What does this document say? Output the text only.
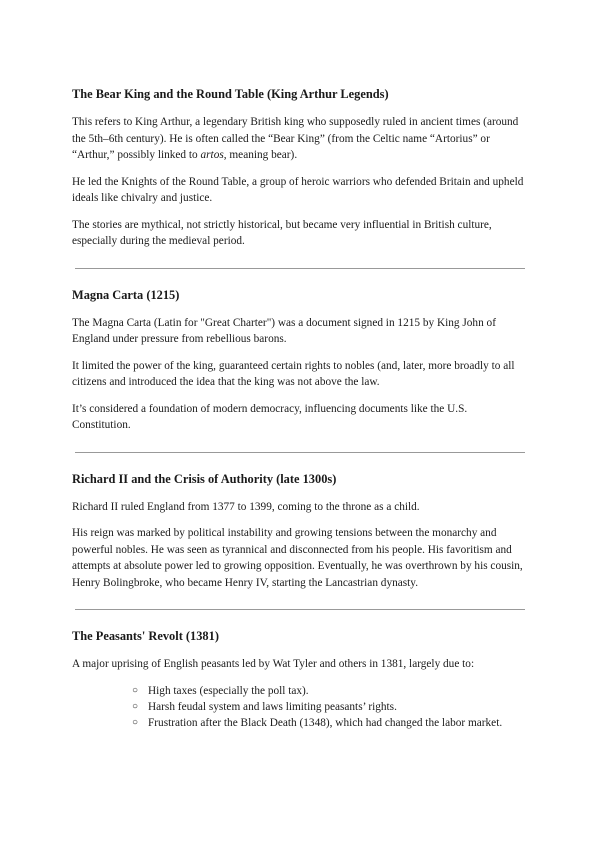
The Bear King and the Round Table (King Arthur Legends)

This refers to King Arthur, a legendary British king who supposedly ruled in ancient times (around the 5th–6th century). He is often called the “Bear King” (from the Celtic name “Artorius” or “Arthur,” possibly linked to artos, meaning bear).

He led the Knights of the Round Table, a group of heroic warriors who defended Britain and upheld ideals like chivalry and justice.

The stories are mythical, not strictly historical, but became very influential in British culture, especially during the medieval period.

Magna Carta (1215)

The Magna Carta (Latin for "Great Charter") was a document signed in 1215 by King John of England under pressure from rebellious barons.

It limited the power of the king, guaranteed certain rights to nobles (and, later, more broadly to all citizens and introduced the idea that the king was not above the law.

It’s considered a foundation of modern democracy, influencing documents like the U.S. Constitution.

Richard II and the Crisis of Authority (late 1300s)

Richard II ruled England from 1377 to 1399, coming to the throne as a child.

His reign was marked by political instability and growing tensions between the monarchy and powerful nobles. He was seen as tyrannical and disconnected from his people. His favoritism and attempts at absolute power led to growing opposition. Eventually, he was overthrown by his cousin, Henry Bolingbroke, who became Henry IV, starting the Lancastrian dynasty.

The Peasants' Revolt (1381)

A major uprising of English peasants led by Wat Tyler and others in 1381, largely due to:

○ High taxes (especially the poll tax).
○ Harsh feudal system and laws limiting peasants’ rights.
○ Frustration after the Black Death (1348), which had changed the labor market.
